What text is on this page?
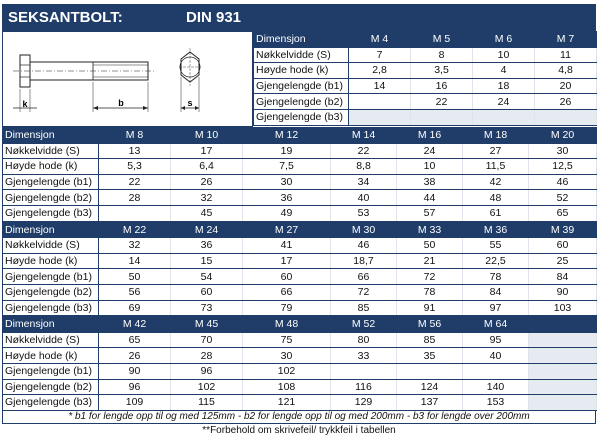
SEKSANTBOLT:	DIN 931
k	b	s
Dimensjon	M 4	M 5	M 6	M 7
Nøkkelvidde (S)	7	8	10	11
Høyde hode (k)	2,8	3,5	4	4,8
Gjengelengde (b1)	14	16	18	20
Gjengelengde (b2)		22	24	26
Gjengelengde (b3)				
Dimensjon	M 8	M 10	M 12	M 14	M 16	M 18	M 20
Nøkkelvidde (S)	13	17	19	22	24	27	30
Høyde hode (k)	5,3	6,4	7,5	8,8	10	11,5	12,5
Gjengelengde (b1)	22	26	30	34	38	42	46
Gjengelengde (b2)	28	32	36	40	44	48	52
Gjengelengde (b3)		45	49	53	57	61	65
Dimensjon	M 22	M 24	M 27	M 30	M 33	M 36	M 39
Nøkkelvidde (S)	32	36	41	46	50	55	60
Høyde hode (k)	14	15	17	18,7	21	22,5	25
Gjengelengde (b1)	50	54	60	66	72	78	84
Gjengelengde (b2)	56	60	66	72	78	84	90
Gjengelengde (b3)	69	73	79	85	91	97	103
Dimensjon	M 42	M 45	M 48	M 52	M 56	M 64	
Nøkkelvidde (S)	65	70	75	80	85	95	
Høyde hode (k)	26	28	30	33	35	40	
Gjengelengde (b1)	90	96	102				
Gjengelengde (b2)	96	102	108	116	124	140	
Gjengelengde (b3)	109	115	121	129	137	153	
* b1 for lengde opp til og med 125mm - b2 for lengde opp til og med 200mm - b3 for lengde over 200mm
**Forbehold om skrivefeil/ trykkfeil i tabellen
